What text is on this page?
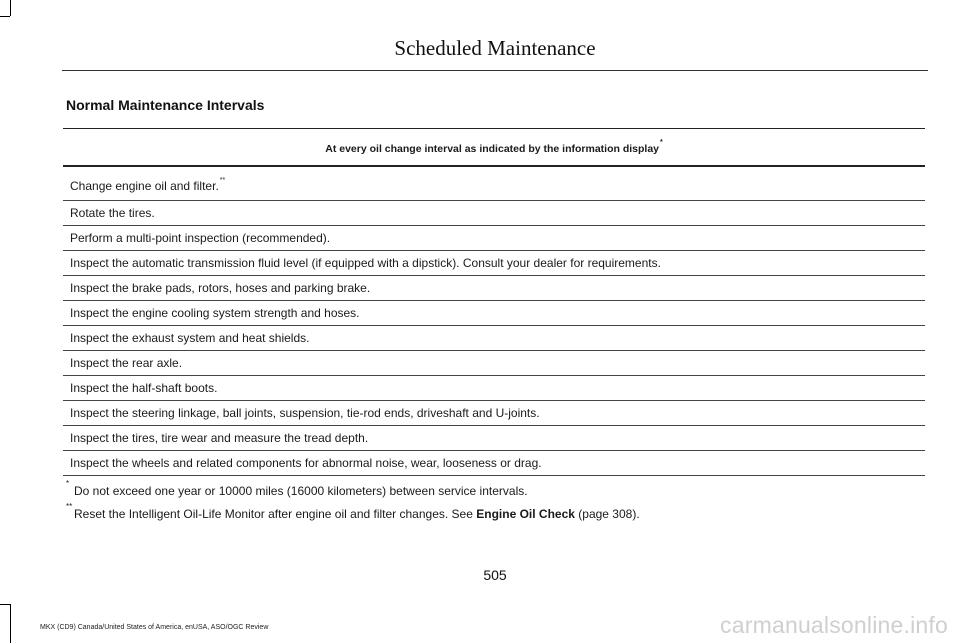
Scheduled Maintenance
Normal Maintenance Intervals
At every oil change interval as indicated by the information display*
Change engine oil and filter.**
Rotate the tires.
Perform a multi-point inspection (recommended).
Inspect the automatic transmission fluid level (if equipped with a dipstick). Consult your dealer for requirements.
Inspect the brake pads, rotors, hoses and parking brake.
Inspect the engine cooling system strength and hoses.
Inspect the exhaust system and heat shields.
Inspect the rear axle.
Inspect the half-shaft boots.
Inspect the steering linkage, ball joints, suspension, tie-rod ends, driveshaft and U-joints.
Inspect the tires, tire wear and measure the tread depth.
Inspect the wheels and related components for abnormal noise, wear, looseness or drag.
*
Do not exceed one year or 10000 miles (16000 kilometers) between service intervals.
**
Reset the Intelligent Oil-Life Monitor after engine oil and filter changes. See Engine Oil Check (page 308).
505
MKX (CD9) Canada/United States of America, enUSA, ASO/OGC Review	carmanualsonline.info
